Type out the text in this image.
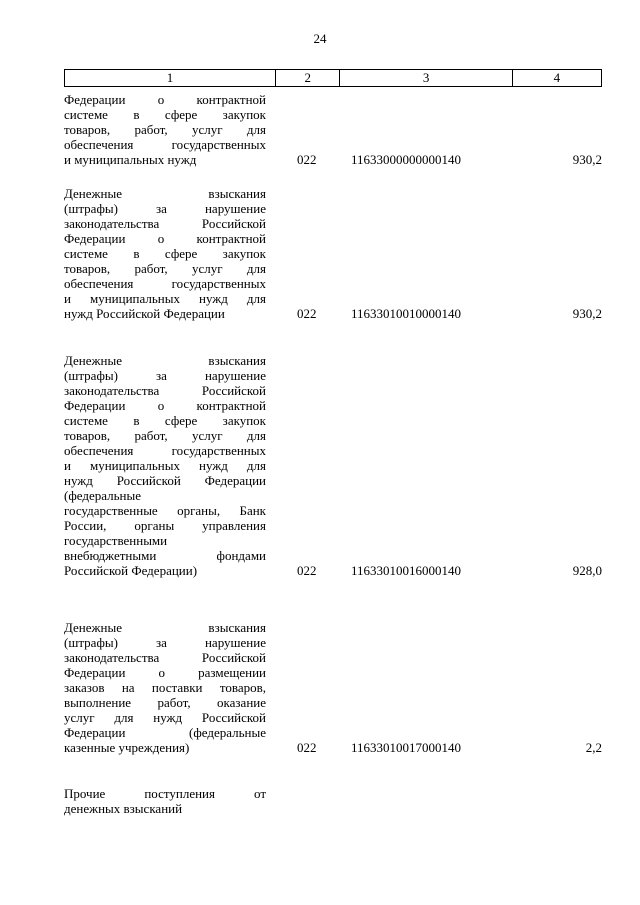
24
1	2	3	4
Федерации о контрактной
системе в сфере закупок
товаров, работ, услуг для
обеспечения государственных
и муниципальных нужд	022	11633000000000140	930,2
Денежные взыскания
(штрафы) за нарушение
законодательства Российской
Федерации о контрактной
системе в сфере закупок
товаров, работ, услуг для
обеспечения государственных
и муниципальных нужд для
нужд Российской Федерации	022	11633010010000140	930,2
Денежные взыскания
(штрафы) за нарушение
законодательства Российской
Федерации о контрактной
системе в сфере закупок
товаров, работ, услуг для
обеспечения государственных
и муниципальных нужд для
нужд Российской Федерации
(федеральные
государственные органы, Банк
России, органы управления
государственными
внебюджетными фондами
Российской Федерации)	022	11633010016000140	928,0
Денежные взыскания
(штрафы) за нарушение
законодательства Российской
Федерации о размещении
заказов на поставки товаров,
выполнение работ, оказание
услуг для нужд Российской
Федерации (федеральные
казенные учреждения)	022	11633010017000140	2,2
Прочие поступления от
денежных взысканий
